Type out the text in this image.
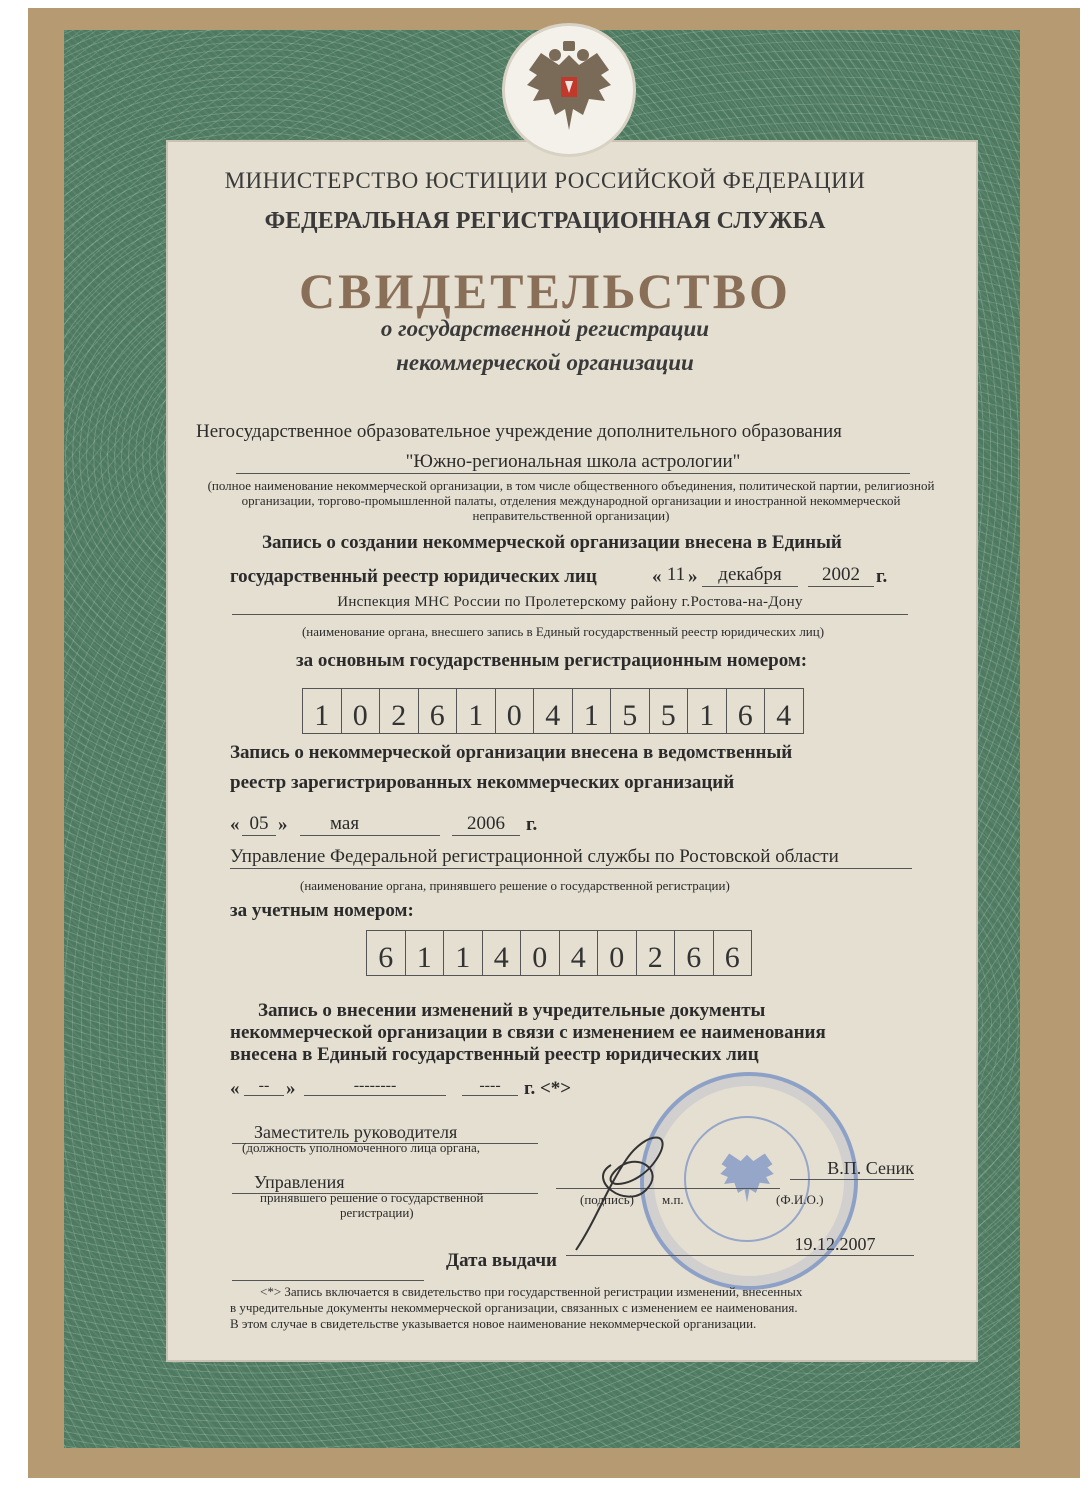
МИНИСТЕРСТВО ЮСТИЦИИ РОССИЙСКОЙ ФЕДЕРАЦИИ
ФЕДЕРАЛЬНАЯ РЕГИСТРАЦИОННАЯ СЛУЖБА
СВИДЕТЕЛЬСТВО
о государственной регистрации
некоммерческой организации
Негосударственное образовательное учреждение дополнительного образования
"Южно-региональная школа астрологии"
(полное наименование некоммерческой организации, в том числе общественного объединения, политической партии, религиозной организации, торгово-промышленной палаты, отделения международной организации и иностранной некоммерческой неправительственной организации)
Запись о создании некоммерческой организации внесена в Единый
государственный реестр юридических лиц	« 11 »	декабря	2002 г.
Инспекция МНС России по Пролетерскому району г.Ростова-на-Дону
(наименование органа, внесшего запись в Единый государственный реестр юридических лиц)
за основным государственным регистрационным номером:
1 0 2 6 1 0 4 1 5 5 1 6 4
Запись о некоммерческой организации внесена в ведомственный
реестр зарегистрированных некоммерческих организаций
« 05 »	мая	2006	г.
Управление Федеральной регистрационной службы по Ростовской области
(наименование органа, принявшего решение о государственной регистрации)
за учетным номером:
6 1 1 4 0 4 0 2 6 6
Запись о внесении изменений в учредительные документы
некоммерческой организации в связи с изменением ее наименования
внесена в Единый государственный реестр юридических лиц
«	-- »	--------	----	г. <*>
Заместитель руководителя
(должность уполномоченного лица органа,
Управления
принявшего решение о государственной
регистрации)
(подпись) м.п.
В.П. Сеник
(Ф.И.О.)
Дата выдачи
19.12.2007
<*> Запись включается в свидетельство при государственной регистрации изменений, внесенных
в учредительные документы некоммерческой организации, связанных с изменением ее наименования.
В этом случае в свидетельстве указывается новое наименование некоммерческой организации.
